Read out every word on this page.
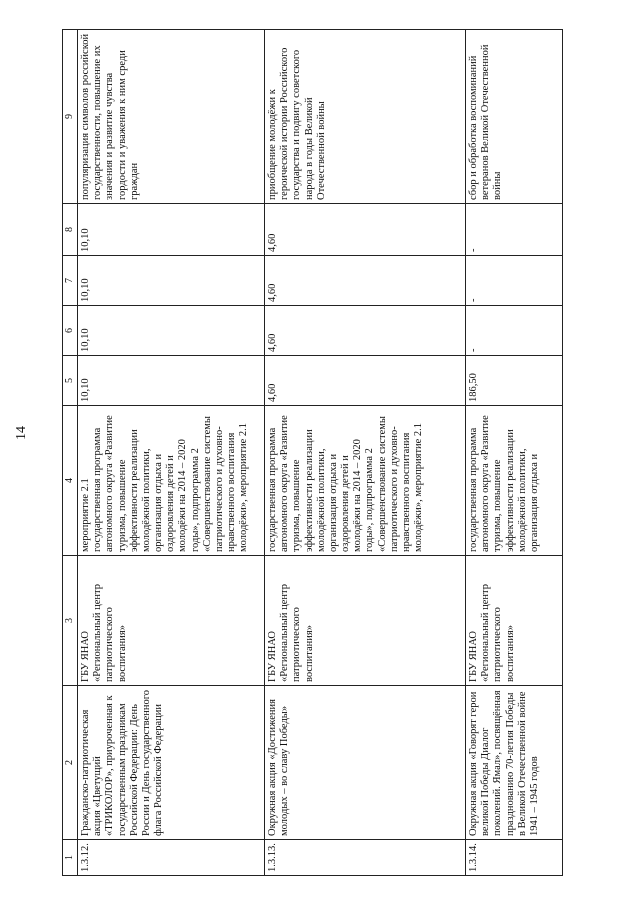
14
1	2	3	4	5	6	7	8	9
1.3.12.	Гражданско-патриотическая акция «Цветущий «ТРИКОЛОР», приуроченная к государственным праздникам Российской Федерации: День России и День государственного флага Российской Федерации	ГБУ ЯНАО «Региональный центр патриотического воспитания»	мероприятие 2.1 государственная программа автономного округа «Развитие туризма, повышение эффективности реализации молодёжной политики, организация отдыха и оздоровления детей и молодёжи на 2014 – 2020 годы», подпрограмма 2 «Совершенствование системы патриотического и духовно-нравственного воспитания молодёжи», мероприятие 2.1	10,10	10,10	10,10	10,10	популяризация символов российской государственности, повышение их значения и развитие чувства гордости и уважения к ним среди граждан
1.3.13.	Окружная акция «Достижения молодых – во славу Победы»	ГБУ ЯНАО «Региональный центр патриотического воспитания»	государственная программа автономного округа «Развитие туризма, повышение эффективности реализации молодёжной политики, организация отдыха и оздоровления детей и молодёжи на 2014 – 2020 годы», подпрограмма 2 «Совершенствование системы патриотического и духовно-нравственного воспитания молодёжи», мероприятие 2.1	4,60	4,60	4,60	4,60	приобщение молодёжи к героической истории Российского государства и подвигу советского народа в годы Великой Отечественной войны
1.3.14.	Окружная акция «Говорят герои великой Победы Диалог поколений. Ямал», посвящённая празднованию 70-летия Победы в Великой Отечественной войне 1941 – 1945 годов	ГБУ ЯНАО «Региональный центр патриотического воспитания»	государственная программа автономного округа «Развитие туризма, повышение эффективности реализации молодёжной политики, организация отдыха и	186,50	-	-	-	сбор и обработка воспоминаний ветеранов Великой Отечественной войны
